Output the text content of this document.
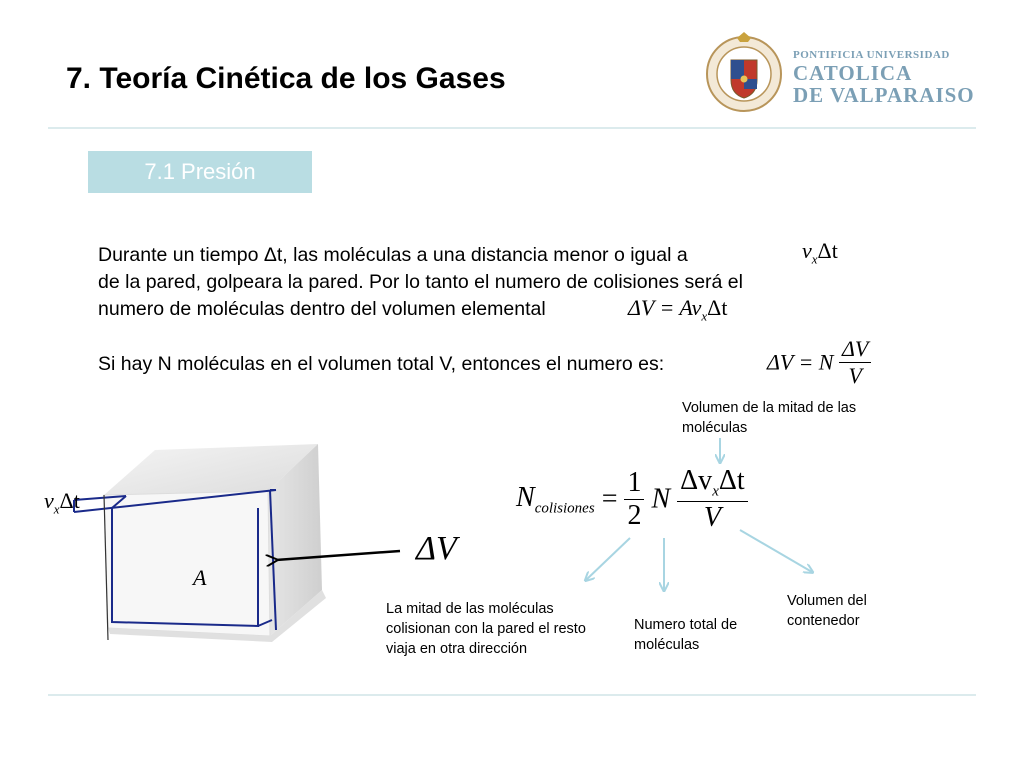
7. Teoría Cinética de los Gases
PONTIFICIA UNIVERSIDAD
CATOLICA
DE VALPARAISO
7.1 Presión
Durante un tiempo Δt, las moléculas a una distancia menor o igual a	$v_x\Delta t$
de la pared, golpeara la pared. Por lo tanto el numero de colisiones será el
numero de moléculas dentro del volumen elemental	$\Delta V = Av_x\Delta t$
Si hay N moléculas en el volumen total V, entonces el numero es:	ΔV = N $\frac{\Delta V}{V}$
Volumen de la mitad de las moléculas
$N_{colisiones} = \frac{1}{2}$ N $\frac{\Delta v_x\Delta t}{V}$
La mitad de las moléculas colisionan con la pared el resto viaja en otra dirección
Numero total de moléculas
Volumen del contenedor
$v_x\Delta t$
A
ΔV
